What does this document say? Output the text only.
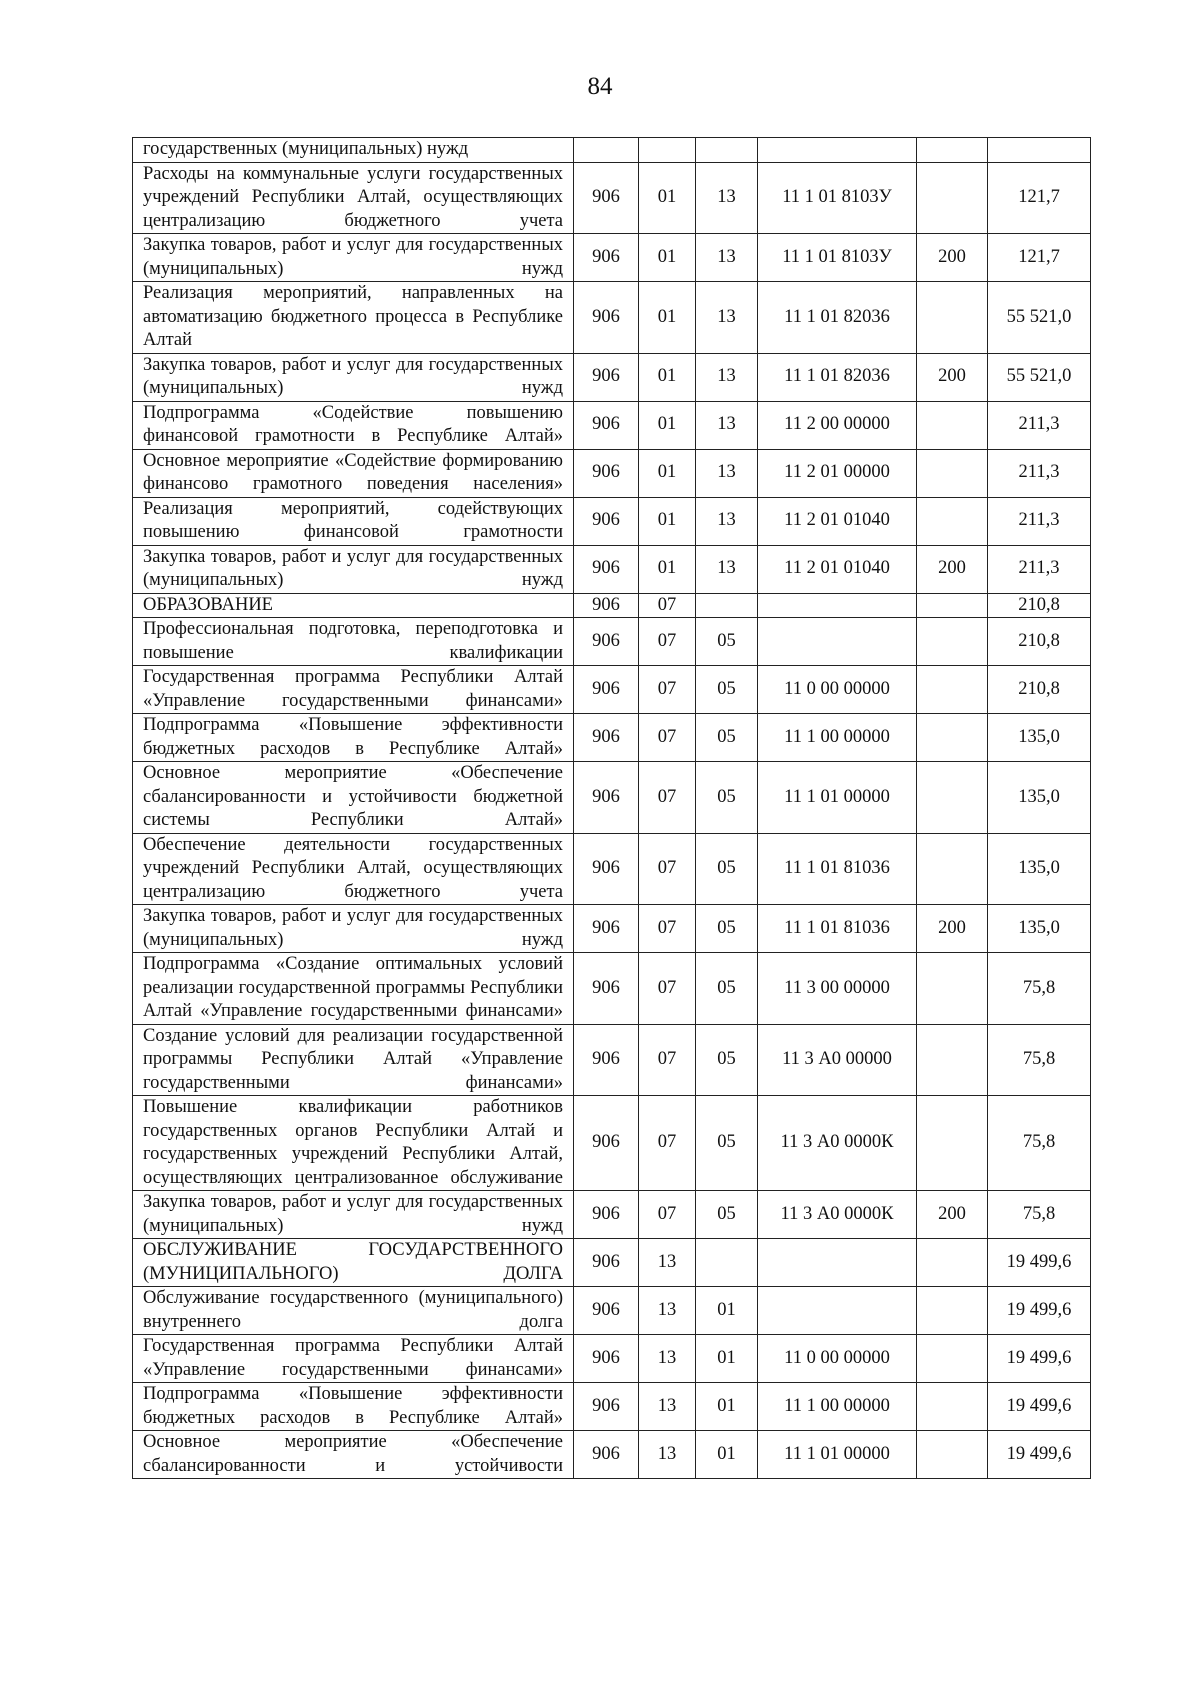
84
государственных (муниципальных) нужд						
Расходы на коммунальные услуги государственных учреждений Республики Алтай, осуществляющих централизацию бюджетного учета	906	01	13	11 1 01 8103У		121,7
Закупка товаров, работ и услуг для государственных (муниципальных) нужд	906	01	13	11 1 01 8103У	200	121,7
Реализация мероприятий, направленных на автоматизацию бюджетного процесса в Республике Алтай	906	01	13	11 1 01 82036		55 521,0
Закупка товаров, работ и услуг для государственных (муниципальных) нужд	906	01	13	11 1 01 82036	200	55 521,0
Подпрограмма «Содействие повышению финансовой грамотности в Республике Алтай»	906	01	13	11 2 00 00000		211,3
Основное мероприятие «Содействие формированию финансово грамотного поведения населения»	906	01	13	11 2 01 00000		211,3
Реализация мероприятий, содействующих повышению финансовой грамотности	906	01	13	11 2 01 01040		211,3
Закупка товаров, работ и услуг для государственных (муниципальных) нужд	906	01	13	11 2 01 01040	200	211,3
ОБРАЗОВАНИЕ	906	07				210,8
Профессиональная подготовка, переподготовка и повышение квалификации	906	07	05			210,8
Государственная программа Республики Алтай «Управление государственными финансами»	906	07	05	11 0 00 00000		210,8
Подпрограмма «Повышение эффективности бюджетных расходов в Республике Алтай»	906	07	05	11 1 00 00000		135,0
Основное мероприятие «Обеспечение сбалансированности и устойчивости бюджетной системы Республики Алтай»	906	07	05	11 1 01 00000		135,0
Обеспечение деятельности государственных учреждений Республики Алтай, осуществляющих централизацию бюджетного учета	906	07	05	11 1 01 81036		135,0
Закупка товаров, работ и услуг для государственных (муниципальных) нужд	906	07	05	11 1 01 81036	200	135,0
Подпрограмма «Создание оптимальных условий реализации государственной программы Республики Алтай «Управление государственными финансами»	906	07	05	11 3 00 00000		75,8
Создание условий для реализации государственной программы Республики Алтай «Управление государственными финансами»	906	07	05	11 3 А0 00000		75,8
Повышение квалификации работников государственных органов Республики Алтай и государственных учреждений Республики Алтай, осуществляющих централизованное обслуживание	906	07	05	11 3 А0 0000К		75,8
Закупка товаров, работ и услуг для государственных (муниципальных) нужд	906	07	05	11 3 А0 0000К	200	75,8
ОБСЛУЖИВАНИЕ ГОСУДАРСТВЕННОГО (МУНИЦИПАЛЬНОГО) ДОЛГА	906	13				19 499,6
Обслуживание государственного (муниципального) внутреннего долга	906	13	01			19 499,6
Государственная программа Республики Алтай «Управление государственными финансами»	906	13	01	11 0 00 00000		19 499,6
Подпрограмма «Повышение эффективности бюджетных расходов в Республике Алтай»	906	13	01	11 1 00 00000		19 499,6
Основное мероприятие «Обеспечение сбалансированности и устойчивости	906	13	01	11 1 01 00000		19 499,6
